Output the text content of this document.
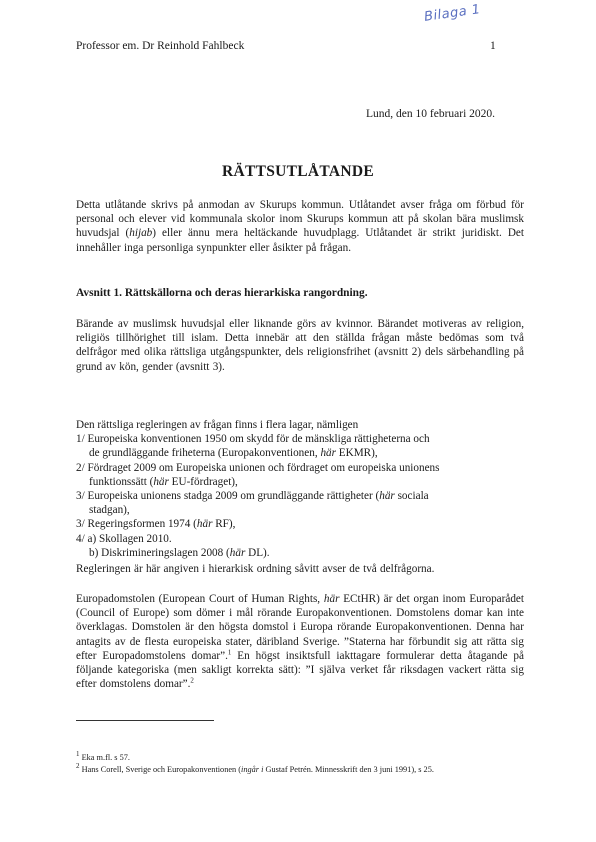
Bilaga 1
Professor em. Dr Reinhold Fahlbeck	1
Lund, den 10 februari 2020.
RÄTTSUTLÅTANDE
Detta utlåtande skrivs på anmodan av Skurups kommun. Utlåtandet avser fråga om förbud för personal och elever vid kommunala skolor inom Skurups kommun att på skolan bära muslimsk huvudsjal (hijab) eller ännu mera heltäckande huvudplagg. Utlåtandet är strikt juridiskt. Det innehåller inga personliga synpunkter eller åsikter på frågan.
Avsnitt 1. Rättskällorna och deras hierarkiska rangordning.
Bärande av muslimsk huvudsjal eller liknande görs av kvinnor. Bärandet motiveras av religion, religiös tillhörighet till islam. Detta innebär att den ställda frågan måste bedömas som två delfrågor med olika rättsliga utgångspunkter, dels religionsfrihet (avsnitt 2) dels särbehandling på grund av kön, gender (avsnitt 3).
Den rättsliga regleringen av frågan finns i flera lagar, nämligen
1/ Europeiska konventionen 1950 om skydd för de mänskliga rättigheterna och
de grundläggande friheterna (Europakonventionen, här EKMR),
2/ Fördraget 2009 om Europeiska unionen och fördraget om europeiska unionens
funktionssätt (här EU-fördraget),
3/ Europeiska unionens stadga 2009 om grundläggande rättigheter (här sociala
stadgan),
3/ Regeringsformen 1974 (här RF),
4/ a) Skollagen 2010.
b) Diskrimineringslagen 2008 (här DL).
Regleringen är här angiven i hierarkisk ordning såvitt avser de två delfrågorna.
Europadomstolen (European Court of Human Rights, här ECtHR) är det organ inom Europarådet (Council of Europe) som dömer i mål rörande Europakonventionen. Domstolens domar kan inte överklagas. Domstolen är den högsta domstol i Europa rörande Europakonventionen. Denna har antagits av de flesta europeiska stater, däribland Sverige. ”Staterna har förbundit sig att rätta sig efter Europadomstolens domar”.$^1$ En högst insiktsfull iakttagare formulerar detta åtagande på följande kategoriska (men sakligt korrekta sätt): ”I själva verket får riksdagen vackert rätta sig efter domstolens domar”.$^2$
$^1$ Eka m.fl. s 57.
$^2$ Hans Corell, Sverige och Europakonventionen (ingår i Gustaf Petrén. Minnesskrift den 3 juni 1991), s 25.
